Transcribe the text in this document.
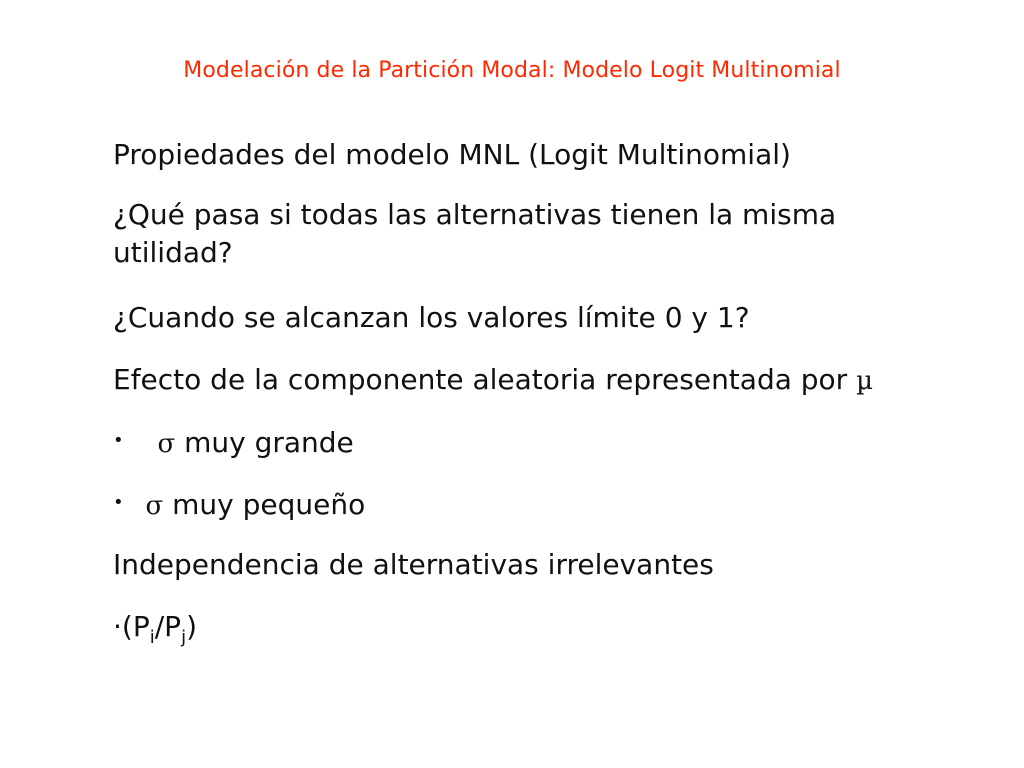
Modelación de la Partición Modal: Modelo Logit Multinomial
Propiedades del modelo MNL (Logit Multinomial)
¿Qué pasa si todas las alternativas tienen la misma
utilidad?
¿Cuando se alcanzan los valores límite 0 y 1?
Efecto de la componente aleatoria representada por µ
• σ muy grande
• σ muy pequeño
Independencia de alternativas irrelevantes
$\cdot(P_i/P_j)$
